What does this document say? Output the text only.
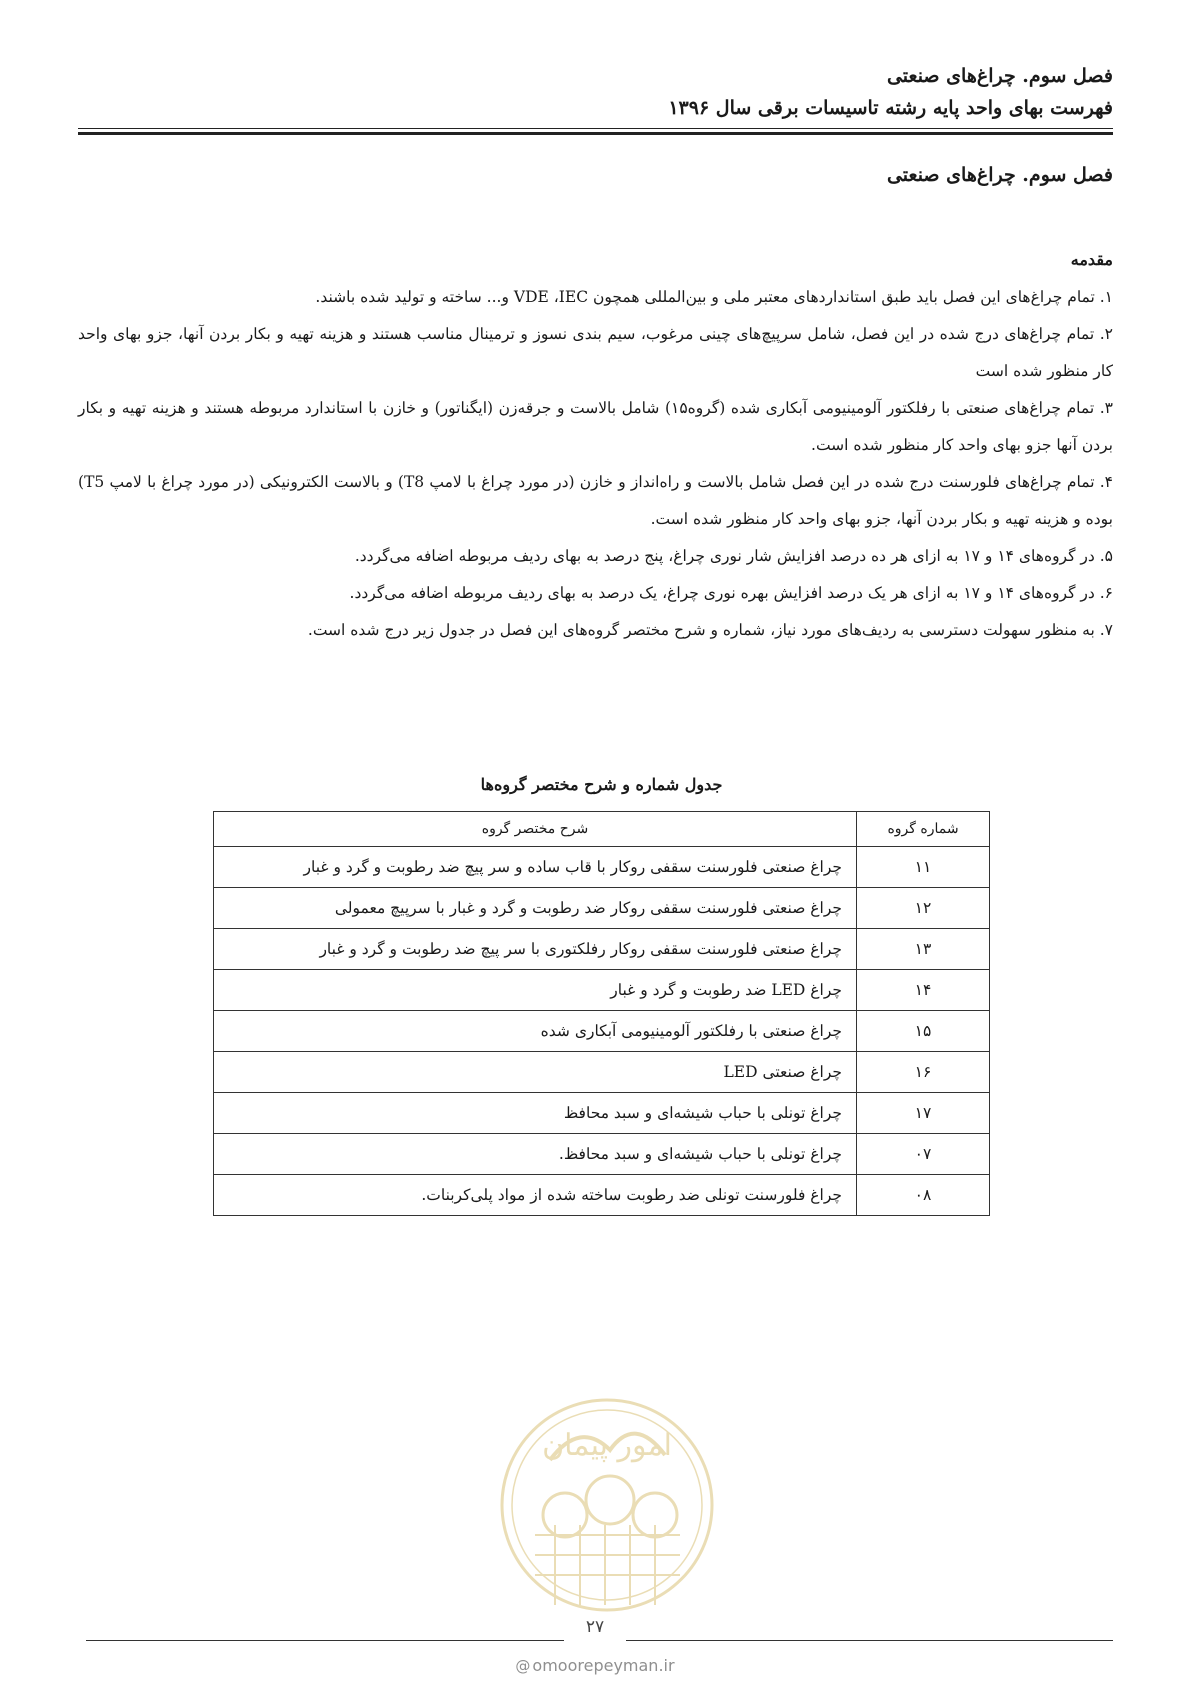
فصل سوم. چراغ‌های صنعتی
فهرست بهای واحد پایه رشته تاسیسات برقی سال ۱۳۹۶
فصل سوم. چراغ‌های صنعتی
مقدمه
۱. تمام چراغ‌های این فصل باید طبق استانداردهای معتبر ملی و بین‌المللی همچون VDE ،IEC و... ساخته و تولید شده باشند.
۲. تمام چراغ‌های درج شده در این فصل، شامل سرپیچ‌های چینی مرغوب، سیم بندی نسوز و ترمینال مناسب هستند و هزینه تهیه و بکار بردن آنها، جزو بهای واحد کار منظور شده است
۳. تمام چراغ‌های صنعتی با رفلکتور آلومینیومی آبکاری شده (گروه۱۵) شامل بالاست و جرقه‌زن (ایگناتور) و خازن با استاندارد مربوطه هستند و هزینه تهیه و بکار بردن آنها جزو بهای واحد کار منظور شده است.
۴. تمام چراغ‌های فلورسنت درج شده در این فصل شامل بالاست و راه‌انداز و خازن (در مورد چراغ با لامپ T8) و بالاست الکترونیکی (در مورد چراغ با لامپ T5) بوده و هزینه تهیه و بکار بردن آنها، جزو بهای واحد کار منظور شده است.
۵. در گروه‌های ۱۴ و ۱۷ به ازای هر ده درصد افزایش شار نوری چراغ، پنج درصد به بهای ردیف مربوطه اضافه می‌گردد.
۶. در گروه‌های ۱۴ و ۱۷ به ازای هر یک درصد افزایش بهره نوری چراغ، یک درصد به بهای ردیف مربوطه اضافه می‌گردد.
۷. به منظور سهولت دسترسی به ردیف‌های مورد نیاز، شماره و شرح مختصر گروه‌های این فصل در جدول زیر درج شده است.
جدول شماره و شرح مختصر گروه‌ها
شماره گروه	شرح مختصر گروه
۱۱	چراغ صنعتی فلورسنت سقفی روکار با قاب ساده و سر پیچ ضد رطوبت و گرد و غبار
۱۲	چراغ صنعتی فلورسنت سقفی روکار ضد رطوبت و گرد و غبار با سرپیچ معمولی
۱۳	چراغ صنعتی فلورسنت سقفی روکار رفلکتوری با سر پیچ ضد رطوبت و گرد و غبار
۱۴	چراغ LED ضد رطوبت و گرد و غبار
۱۵	چراغ صنعتی با رفلکتور آلومینیومی آبکاری شده
۱۶	چراغ صنعتی LED
۱۷	چراغ تونلی با حباب شیشه‌ای و سبد محافظ
۰۷	چراغ تونلی با حباب شیشه‌ای و سبد محافظ.
۰۸	چراغ فلورسنت تونلی ضد رطوبت ساخته شده از مواد پلی‌کربنات.
امور پیمان
۲۷
@ omoorepeyman.ir
